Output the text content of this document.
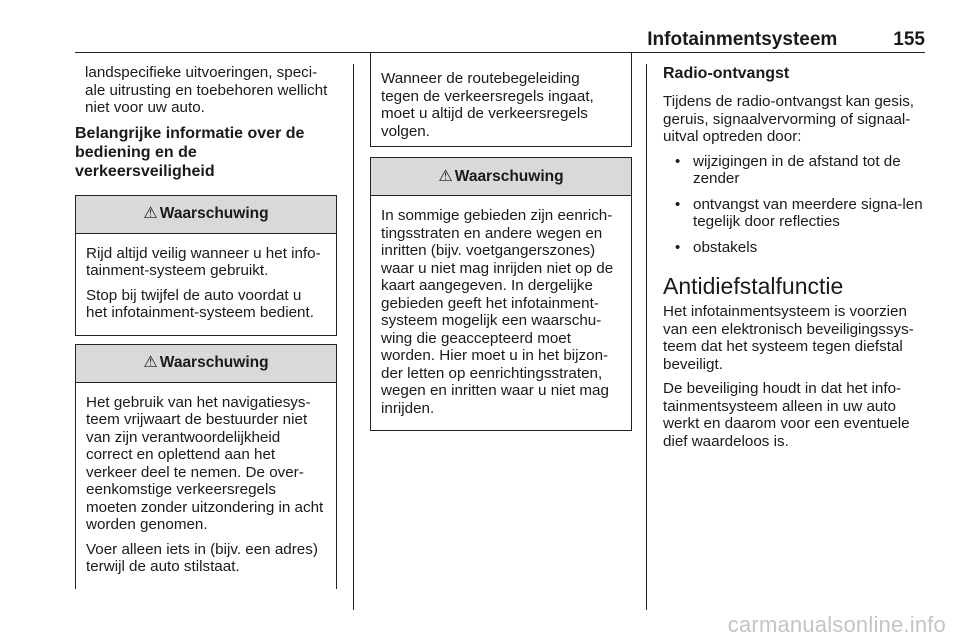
Infotainmentsysteem	155

landspecifieke uitvoeringen, speci-ale uitrusting en toebehoren wellicht niet voor uw auto.

Belangrijke informatie over de bediening en de verkeersveiligheid
⚠ Waarschuwing

Rijd altijd veilig wanneer u het info-tainment-systeem gebruikt.

Stop bij twijfel de auto voordat u het infotainment-systeem bedient.

⚠ Waarschuwing

Het gebruik van het navigatiesys-teem vrijwaart de bestuurder niet van zijn verantwoordelijkheid correct en oplettend aan het verkeer deel te nemen. De over-eenkomstige verkeersregels moeten zonder uitzondering in acht worden genomen.

Voer alleen iets in (bijv. een adres) terwijl de auto stilstaat.

Wanneer de routebegeleiding tegen de verkeersregels ingaat, moet u altijd de verkeersregels volgen.

⚠ Waarschuwing

In sommige gebieden zijn eenrich-tingsstraten en andere wegen en inritten (bijv. voetgangerszones) waar u niet mag inrijden niet op de kaart aangegeven. In dergelijke gebieden geeft het infotainment-systeem mogelijk een waarschu-wing die geaccepteerd moet worden. Hier moet u in het bijzon-der letten op eenrichtingsstraten, wegen en inritten waar u niet mag inrijden.

Radio-ontvangst

Tijdens de radio-ontvangst kan gesis, geruis, signaalvervorming of signaal-uitval optreden door:

• wijzigingen in de afstand tot de zender
• ontvangst van meerdere signa-len tegelijk door reflecties
• obstakels
Antidiefstalfunctie

Het infotainmentsysteem is voorzien van een elektronisch beveiligingssys-teem dat het systeem tegen diefstal beveiligt.

De beveiliging houdt in dat het info-tainmentsysteem alleen in uw auto werkt en daarom voor een eventuele dief waardeloos is.

carmanualsonline.info
